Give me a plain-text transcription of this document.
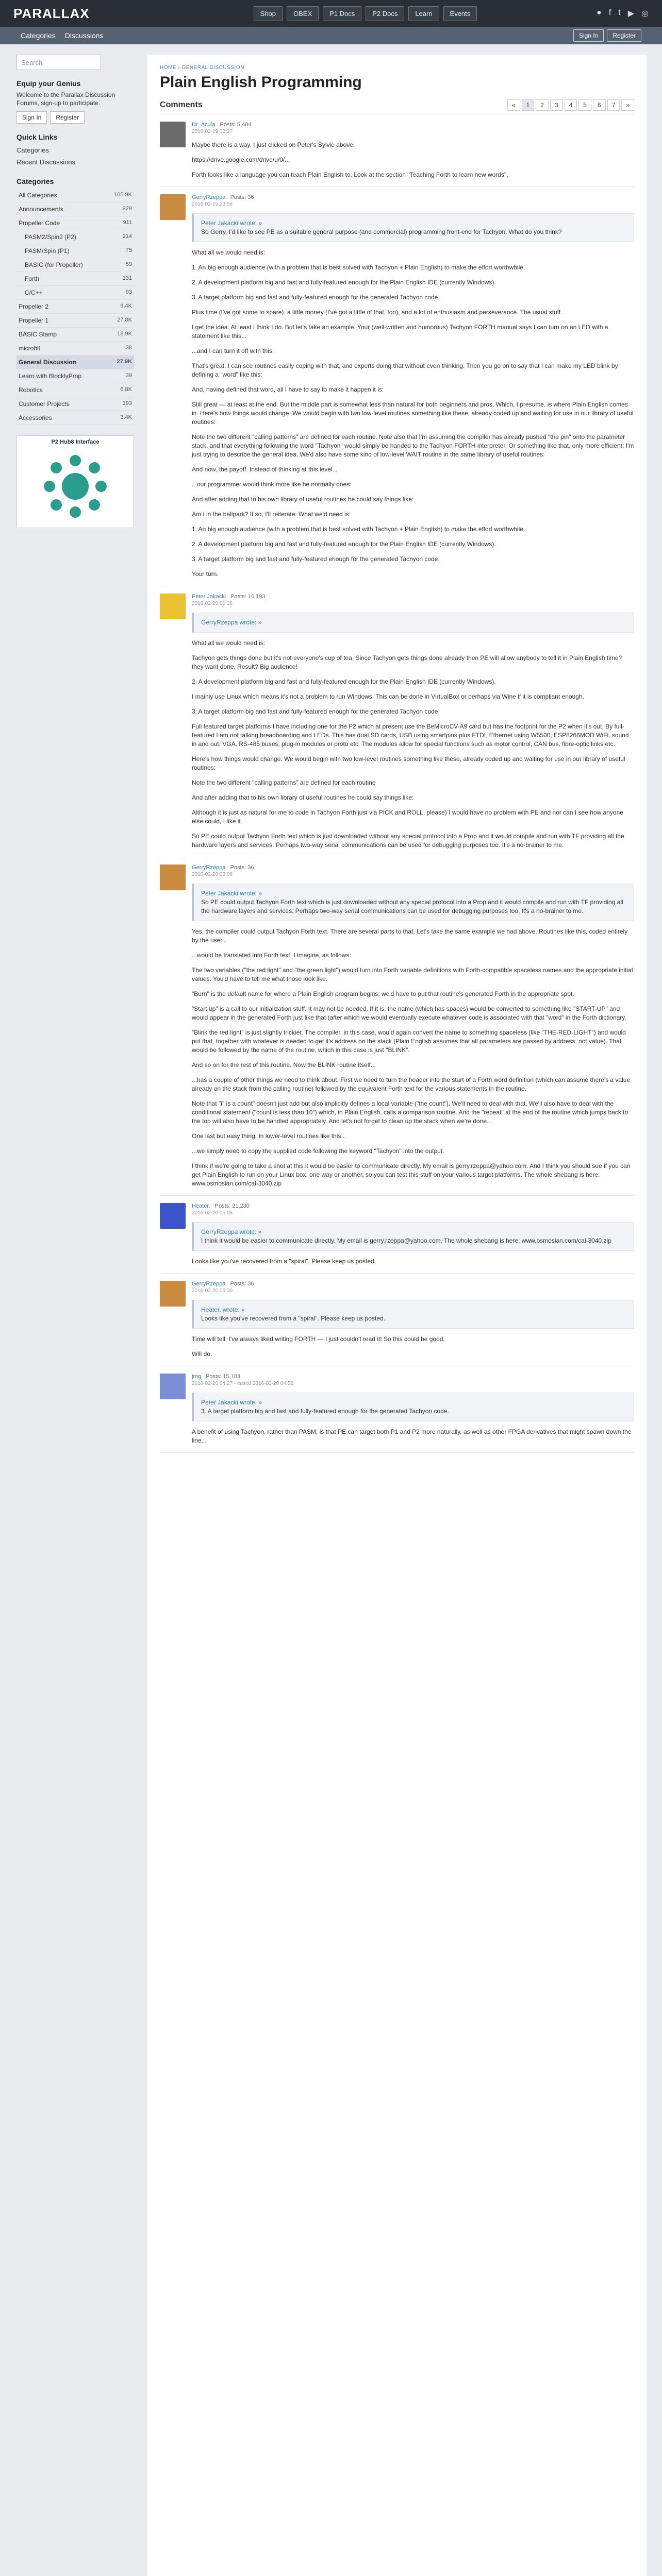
PARALLAX	Shop	OBEX	P1 Docs	P2 Docs	Learn	Events	● f t ▶ ◎
Categories Discussions	Sign In	Register
Search
Equip your Genius
Welcome to the Parallax Discussion Forums, sign-up to participate.
Sign In	Register
Quick Links
Categories
Recent Discussions
Categories
All Categories	105.9K
Announcements	929
Propeller Code	911
PASM2/Spin2 (P2)	214
PASM/Spin (P1)	75
BASIC (for Propeller)	59
Forth	131
C/C++	93
Propeller 2	9.4K
Propeller 1	27.8K
BASIC Stamp	18.9K
microbit	38
General Discussion	27.9K
Learn with BlocklyProp	39
Robotics	6.8K
Customer Projects	193
Accessories	3.4K
P2 Hub8 Interface
HOME › GENERAL DISCUSSION
Plain English Programming
Comments	«	1	2	3	4	5	6	7	»
Dr_Acula Posts: 5,484
2016-02-19 02:27

Maybe there is a way. I just clicked on Peter's Sylvie above.

https://drive.google.com/drive/u/0/...

Forth looks like a language you can teach Plain English to. Look at the section "Teaching Forth to learn new words".

GerryRzeppa Posts: 36
2016-02-19 23:56
Peter Jakacki wrote: »
So Gerry, I'd like to see PE as a suitable general purpose (and commercial) programming front-end for Tachyon. What do you think?

What all we would need is:

1. An big enough audience (with a problem that is best solved with Tachyon + Plain English) to make the effort worthwhile.

2. A development platform big and fast and fully-featured enough for the Plain English IDE (currently Windows).

3. A target platform big and fast and fully-featured enough for the generated Tachyon code.

Plus time (I've got some to spare), a little money (I've got a little of that, too), and a lot of enthusiasm and perseverance. The usual stuff.

I get the idea. At least I think I do. But let's take an example. Your (well-written and humorous) Tachyon FORTH manual says I can turn on an LED with a statement like this...

...and I can turn it off with this:

That's great. I can see routines easily coping with that, and experts doing that without even thinking. Then you go on to say that I can make my LED blink by defining a "word" like this:

And, having defined that word, all I have to say to make it happen it is:

Still great — at least at the end. But the middle part is somewhat less than natural for both beginners and pros. Which, I presume, is where Plain English comes in. Here's how things would change. We would begin with two low-level routines something like these, already coded up and waiting for use in our library of useful routines:

Note the two different "calling patterns" are defined for each routine. Note also that I'm assuming the compiler has already pushed "the pin" onto the parameter stack, and that everything following the word "Tachyon" would simply be handed to the Tachyon FORTH interpreter. Or something like that, only more efficient; I'm just trying to describe the general idea. We'd also have some kind of low-level WAIT routine in the same library of useful routines.

And now, the payoff. Instead of thinking at this level...

...our programmer would think more like he normally does:

And after adding that to his own library of useful routines he could say things like:

Am I in the ballpark? If so, I'll reiterate. What we'd need is:

1. An big enough audience (with a problem that is best solved with Tachyon + Plain English) to make the effort worthwhile.

2. A development platform big and fast and fully-featured enough for the Plain English IDE (currently Windows).

3. A target platform big and fast and fully-featured enough for the generated Tachyon code.

Your turn.

Peter Jakacki Posts: 10,193
2016-02-20 01:38
GerryRzeppa wrote: »

What all we would need is:

Tachyon gets things done but it's not everyone's cup of tea. Since Tachyon gets things done already then PE will allow anybody to tell it in Plain English time? they want done. Result? Big audience!

2. A development platform big and fast and fully-featured enough for the Plain English IDE (currently Windows).

I mainly use Linux which means it's not a problem to run Windows. This can be done in VirtualBox or perhaps via Wine if it is compliant enough.

3. A target platform big and fast and fully-featured enough for the generated Tachyon code.

Full featured target platforms I have including one for the P2 which at present use the BeMicroCV-A9 card but has the footprint for the P2 when it's out. By full-featured I am not talking breadboarding and LEDs. This has dual SD cards, USB using smartpins plus FTDI, Ethernet using W5500, ESP8266MOD WiFi, sound in and out, VGA, RS-485 buses, plug-in modules or proto etc. The modules allow for special functions such as motor control, CAN bus, fibre-optic links etc.

Here's how things would change. We would begin with two low-level routines something like these, already coded up and waiting for use in our library of useful routines:

Note the two different "calling patterns" are defined for each routine

And after adding that to his own library of useful routines he could say things like:

Although it is just as natural for me to code in Tachyon Forth just via PICK and ROLL, please) I would have no problem with PE and nor can I see how anyone else could, I like it.

So PE could output Tachyon Forth text which is just downloaded without any special protocol into a Prop and it would compile and run with TF providing all the hardware layers and services. Perhaps two-way serial communications can be used for debugging purposes too. It's a no-brainer to me.

GerryRzeppa Posts: 36
2016-02-20 03:08
Peter Jakacki wrote: »
So PE could output Tachyon Forth text which is just downloaded without any special protocol into a Prop and it would compile and run with TF providing all the hardware layers and services. Perhaps two-way serial communications can be used for debugging purposes too. It's a no-brainer to me.

Yes, the compiler could output Tachyon Forth text. There are several parts to that. Let's take the same example we had above. Routines like this, coded entirely by the user...

...would be translated into Forth text, I imagine, as follows:

The two variables ("the red light" and "the green light") would turn into Forth variable definitions with Forth-compatible spaceless names and the appropriate initial values. You'd have to tell me what those look like.

"Burn" is the default name for where a Plain English program begins; we'd have to put that routine's generated Forth in the appropriate spot.

"Start up" is a call to our initialization stuff. It may not be needed. If it is, the name (which has spaces) would be converted to something like "START-UP" and would appear in the generated Forth just like that (after which we would eventually execute whatever code is associated with that "word" in the Forth dictionary.

"Blink the red light" is just slightly trickier. The compiler, in this case, would again convert the name to something spaceless (like "THE-RED-LIGHT") and would put that, together with whatever is needed to get it's address on the stack (Plain English assumes that all parameters are passed by address, not value). That would be followed by the name of the routine, which in this case is just "BLINK".

And so on for the rest of this routine. Now the BLINK routine itself...

...has a couple of other things we need to think about. First we need to turn the header into the start of a Forth word definition (which can assume there's a value already on the stack from the calling routine) followed by the equivalent Forth text for the various statements in the routine.

Note that "i" is a count" doesn't just add but also implicitly defines a local variable ("the count"). We'll need to deal with that. We'll also have to deal with the conditional statement ("count is less than 10") which, in Plain English, calls a comparison routine. And the "repeat" at the end of the routine which jumps back to the top will also have to be handled appropriately. And let's not forget to clean up the stack when we're done...

One last but easy thing. In lower-level routines like this...

...we simply need to copy the supplied code following the keyword "Tachyon" into the output.

I think if we're going to take a shot at this it would be easier to communicate directly. My email is gerry.rzeppa@yahoo.com. And I think you should see if you can get Plain English to run on your Linux box, one way or another, so you can test this stuff on your various target platforms. The whole shebang is here: www.osmosian.com/cal-3040.zip

Heater. Posts: 21,230
2016-02-20 05:08
GerryRzeppa wrote: »
I think it would be easier to communicate directly. My email is gerry.rzeppa@yahoo.com. The whole shebang is here: www.osmosian.com/cal-3040.zip

Looks like you've recovered from a "spiral". Please keep us posted.

GerryRzeppa Posts: 36
2016-02-20 05:30
Heater. wrote: »
Looks like you've recovered from a "spiral". Please keep us posted.

Time will tell. I've always liked writing FORTH — I just couldn't read it! So this could be good.

Will do.

jmg Posts: 15,183
2016-02-20 04:27 - edited 2016-02-20 04:52
Peter Jakacki wrote: »
3. A target platform big and fast and fully-featured enough for the generated Tachyon code.

A benefit of using Tachyon, rather than PASM, is that PE can target both P1 and P2 more naturally, as well as other FPGA derivatives that might spawn down the line...
